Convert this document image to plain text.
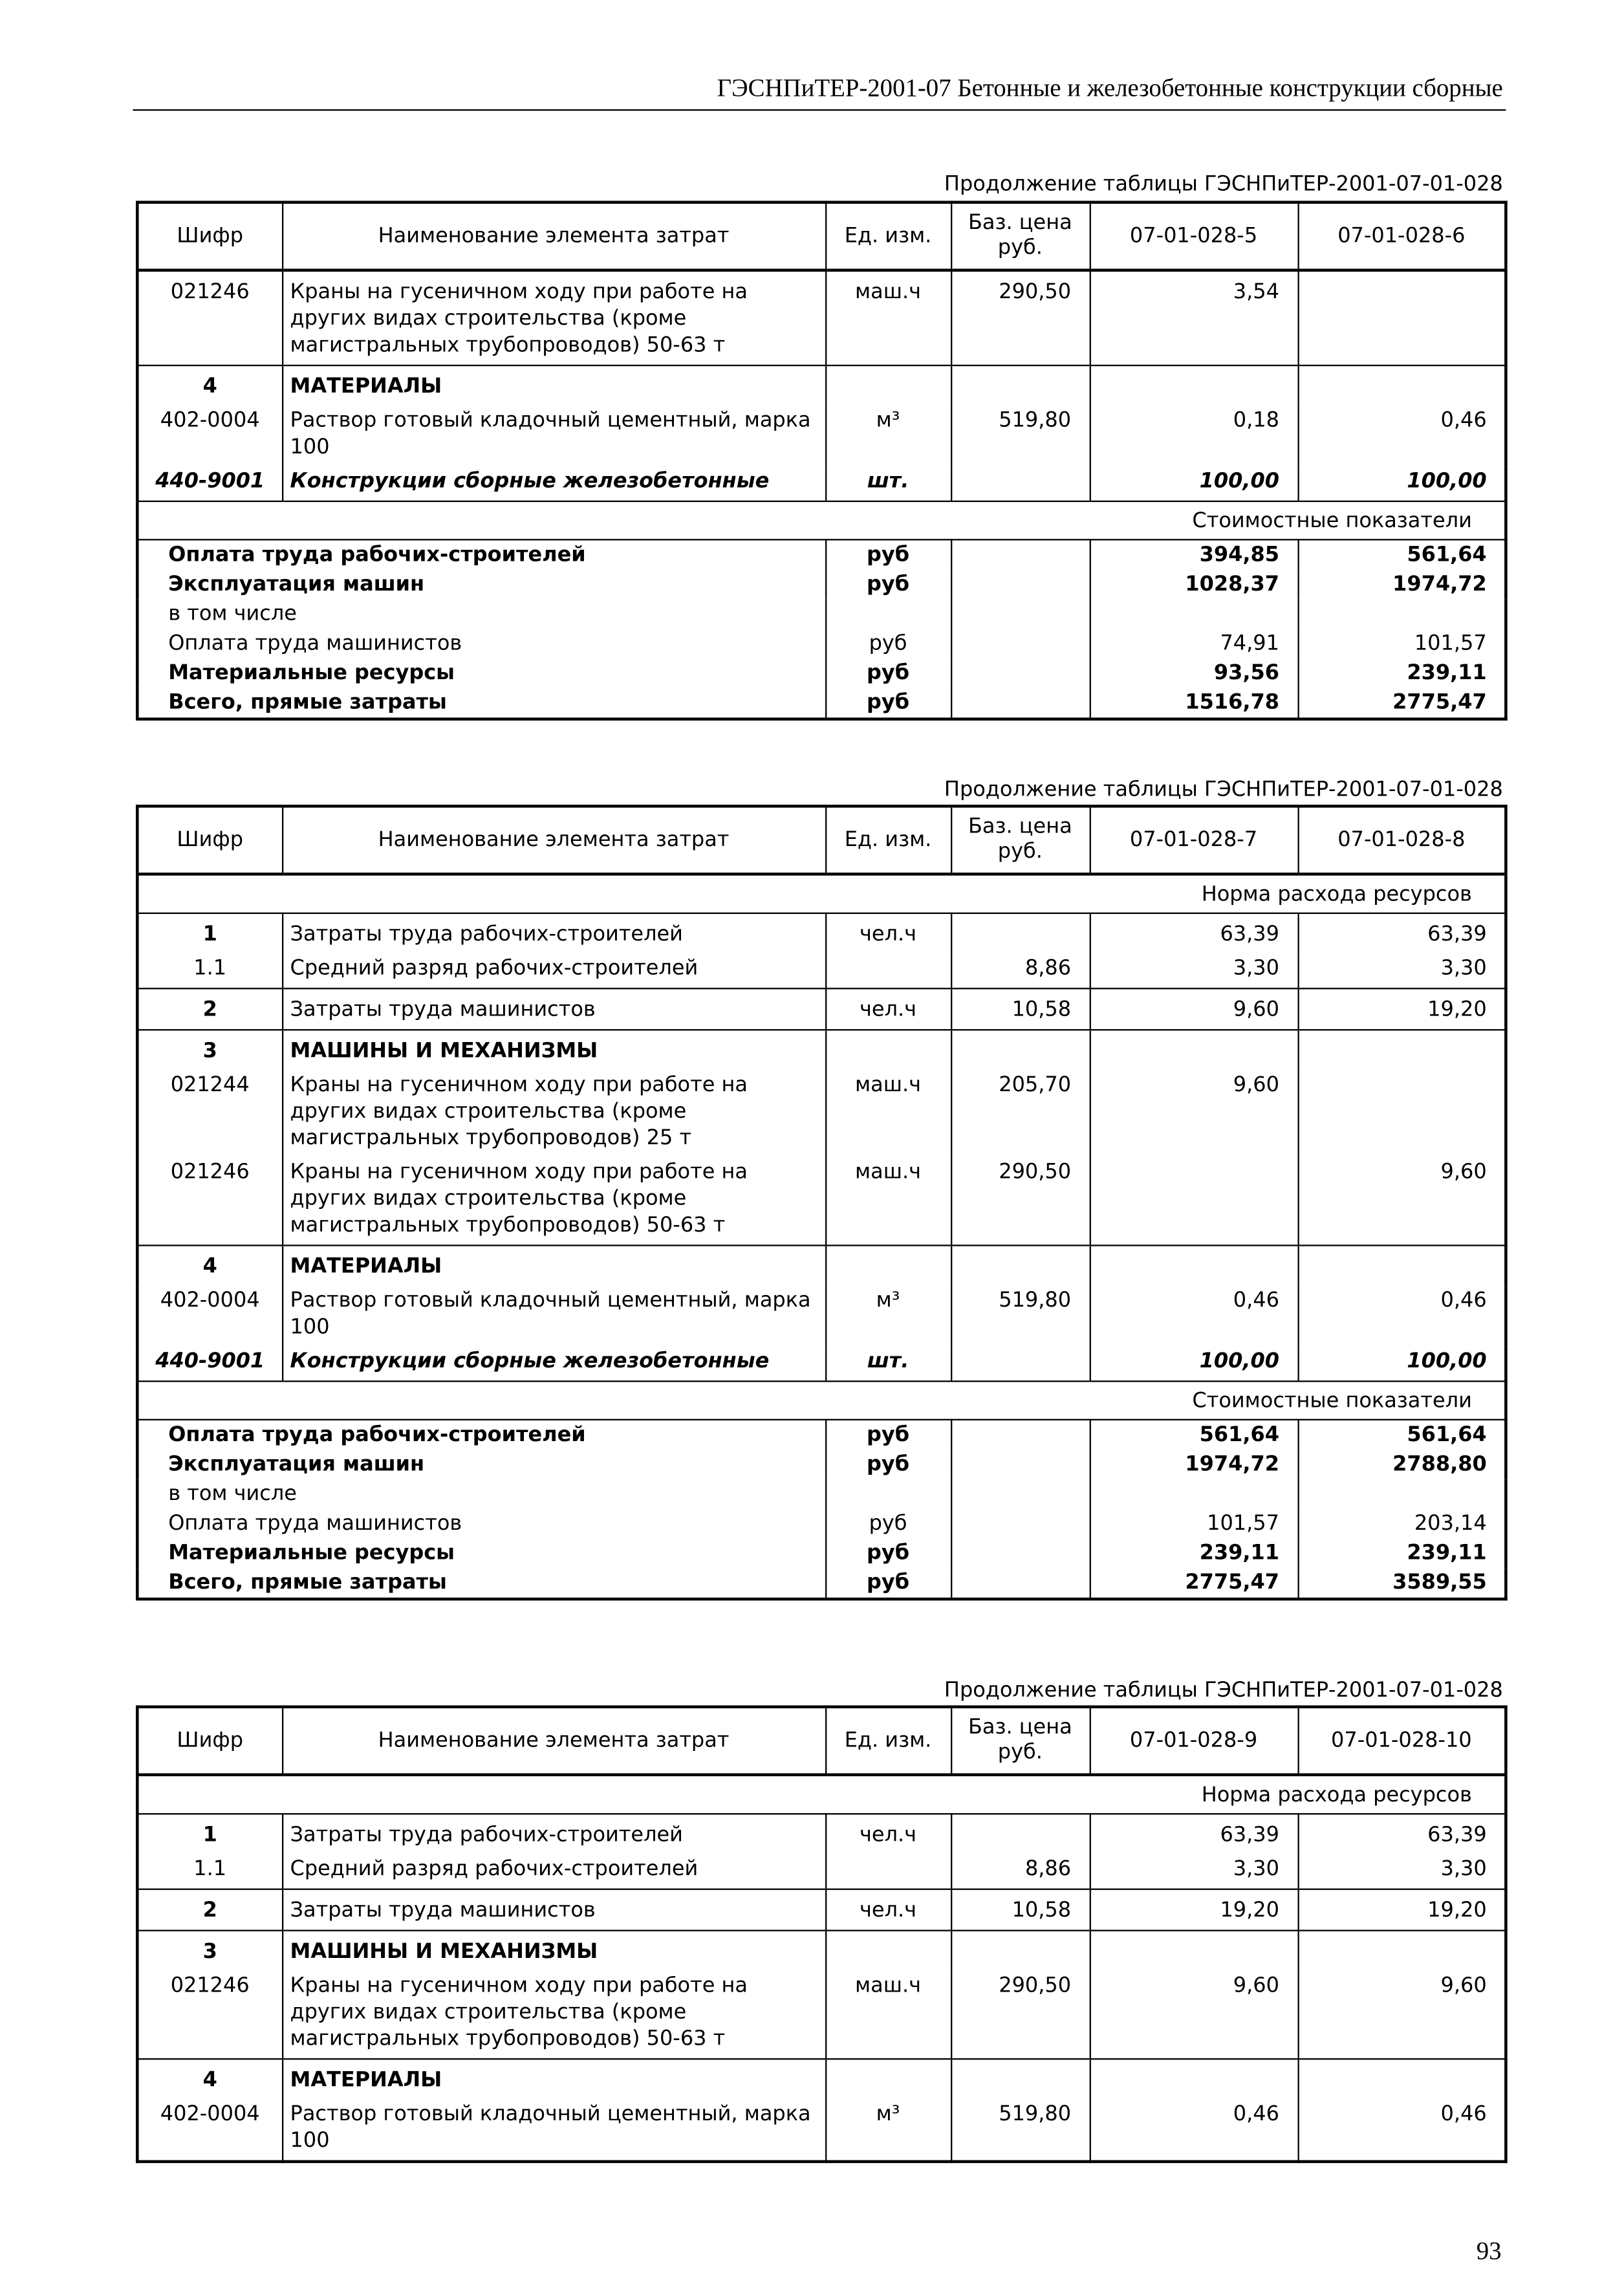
ГЭСНПиТЕР-2001-07 Бетонные и железобетонные конструкции сборные
Продолжение таблицы ГЭСНПиТЕР-2001-07-01-028
Шифр	Наименование элемента затрат	Ед. изм.	Баз. цена руб.	07-01-028-5	07-01-028-6
021246	Краны на гусеничном ходу при работе на других видах строительства (кроме магистральных трубопроводов) 50-63 т	маш.ч	290,50	3,54	
4	МАТЕРИАЛЫ				
402-0004	Раствор готовый кладочный цементный, марка 100	м³	519,80	0,18	0,46
440-9001	Конструкции сборные железобетонные	шт.		100,00	100,00
Стоимостные показатели					
Оплата труда рабочих-строителей		руб		394,85	561,64
Эксплуатация машин		руб		1028,37	1974,72
в том числе					
Оплата труда машинистов		руб		74,91	101,57
Материальные ресурсы		руб		93,56	239,11
Всего, прямые затраты		руб		1516,78	2775,47
Продолжение таблицы ГЭСНПиТЕР-2001-07-01-028
Шифр	Наименование элемента затрат	Ед. изм.	Баз. цена руб.	07-01-028-7	07-01-028-8
Норма расхода ресурсов					
1	Затраты труда рабочих-строителей	чел.ч		63,39	63,39
1.1	Средний разряд рабочих-строителей		8,86	3,30	3,30
2	Затраты труда машинистов	чел.ч	10,58	9,60	19,20
3	МАШИНЫ И МЕХАНИЗМЫ				
021244	Краны на гусеничном ходу при работе на других видах строительства (кроме магистральных трубопроводов) 25 т	маш.ч	205,70	9,60	
021246	Краны на гусеничном ходу при работе на других видах строительства (кроме магистральных трубопроводов) 50-63 т	маш.ч	290,50		9,60
4	МАТЕРИАЛЫ				
402-0004	Раствор готовый кладочный цементный, марка 100	м³	519,80	0,46	0,46
440-9001	Конструкции сборные железобетонные	шт.		100,00	100,00
Стоимостные показатели					
Оплата труда рабочих-строителей		руб		561,64	561,64
Эксплуатация машин		руб		1974,72	2788,80
в том числе					
Оплата труда машинистов		руб		101,57	203,14
Материальные ресурсы		руб		239,11	239,11
Всего, прямые затраты		руб		2775,47	3589,55
Продолжение таблицы ГЭСНПиТЕР-2001-07-01-028
Шифр	Наименование элемента затрат	Ед. изм.	Баз. цена руб.	07-01-028-9	07-01-028-10
Норма расхода ресурсов					
1	Затраты труда рабочих-строителей	чел.ч		63,39	63,39
1.1	Средний разряд рабочих-строителей		8,86	3,30	3,30
2	Затраты труда машинистов	чел.ч	10,58	19,20	19,20
3	МАШИНЫ И МЕХАНИЗМЫ				
021246	Краны на гусеничном ходу при работе на других видах строительства (кроме магистральных трубопроводов) 50-63 т	маш.ч	290,50	9,60	9,60
4	МАТЕРИАЛЫ				
402-0004	Раствор готовый кладочный цементный, марка 100	м³	519,80	0,46	0,46
93
